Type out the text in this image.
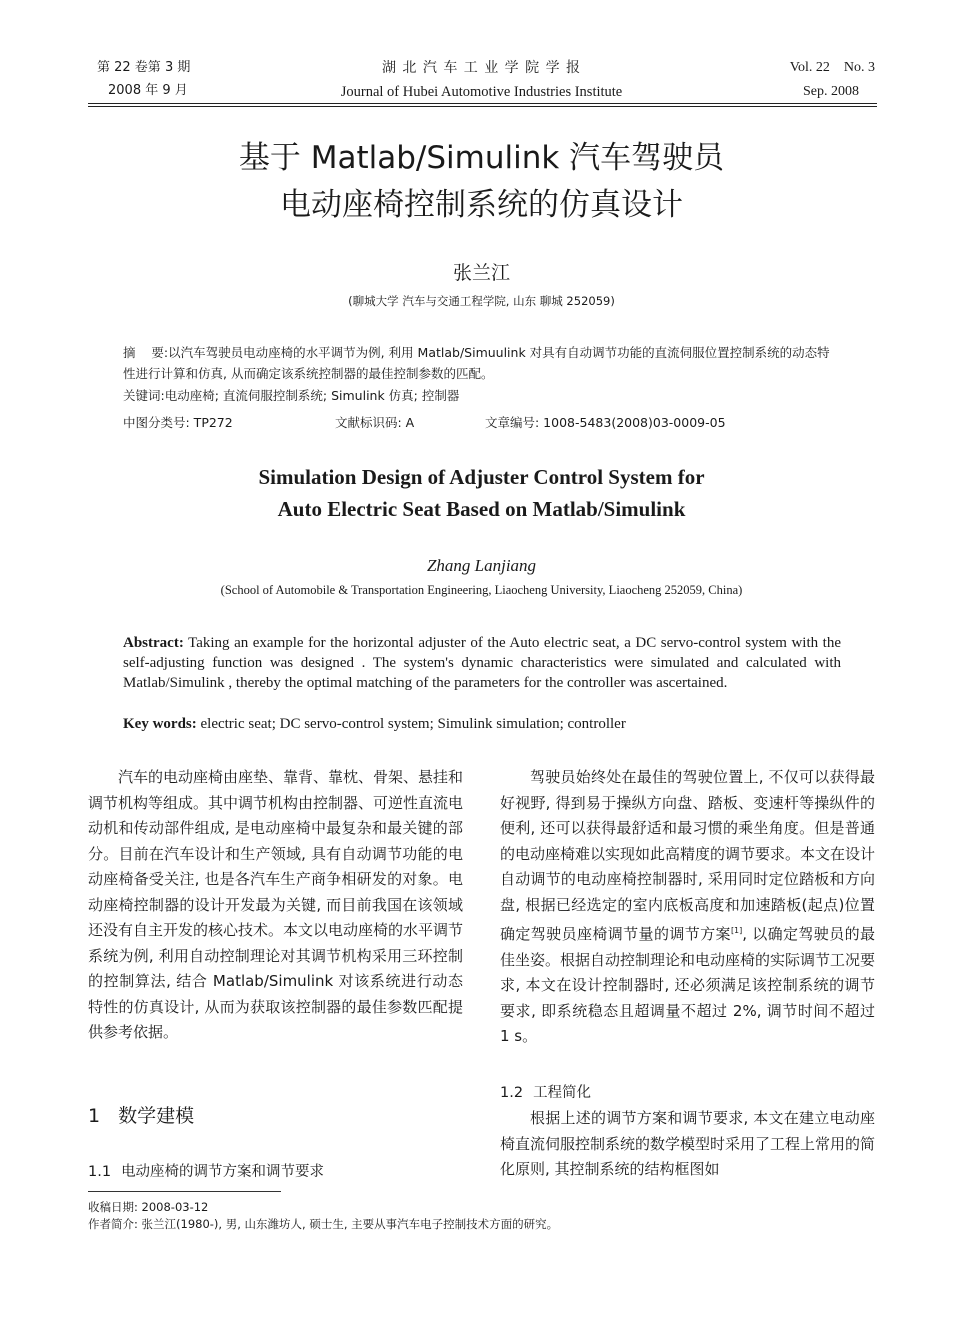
第 22 卷第 3 期
2008 年 9 月
湖 北 汽 车 工 业 学 院 学 报
Journal of Hubei Automotive Industries Institute
Vol. 22    No. 3
Sep. 2008
基于 Matlab/Simulink 汽车驾驶员
电动座椅控制系统的仿真设计
张兰江
(聊城大学 汽车与交通工程学院, 山东 聊城 252059)
摘    要:以汽车驾驶员电动座椅的水平调节为例, 利用 Matlab/Simuulink 对具有自动调节功能的直流伺服位置控制系统的动态特性进行计算和仿真, 从而确定该系统控制器的最佳控制参数的匹配。
关键词:电动座椅; 直流伺服控制系统; Simulink 仿真; 控制器
中图分类号: TP272	文献标识码: A	文章编号: 1008-5483(2008)03-0009-05
Simulation Design of Adjuster Control System for
Auto Electric Seat Based on Matlab/Simulink
Zhang Lanjiang
(School of Automobile & Transportation Engineering, Liaocheng University, Liaocheng 252059, China)
Abstract: Taking an example for the horizontal adjuster of the Auto electric seat, a DC servo-control system with the self-adjusting function was designed . The system's dynamic characteristics were simulated and calculated with Matlab/Simulink , thereby the optimal matching of the parameters for the controller was ascertained.
Key words: electric seat; DC servo-control system; Simulink simulation; controller

汽车的电动座椅由座垫、靠背、靠枕、骨架、悬挂和调节机构等组成。其中调节机构由控制器、可逆性直流电动机和传动部件组成, 是电动座椅中最复杂和最关键的部分。目前在汽车设计和生产领域, 具有自动调节功能的电动座椅备受关注, 也是各汽车生产商争相研发的对象。电动座椅控制器的设计开发最为关键, 而目前我国在该领域还没有自主开发的核心技术。本文以电动座椅的水平调节系统为例, 利用自动控制理论对其调节机构采用三环控制的控制算法, 结合 Matlab/Simulink 对该系统进行动态特性的仿真设计, 从而为获取该控制器的最佳参数匹配提供参考依据。

1 数学建模
1.1 电动座椅的调节方案和调节要求

驾驶员始终处在最佳的驾驶位置上, 不仅可以获得最好视野, 得到易于操纵方向盘、踏板、变速杆等操纵件的便利, 还可以获得最舒适和最习惯的乘坐角度。但是普通的电动座椅难以实现如此高精度的调节要求。本文在设计自动调节的电动座椅控制器时, 采用同时定位踏板和方向盘, 根据已经选定的室内底板高度和加速踏板(起点)位置确定驾驶员座椅调节量的调节方案[1], 以确定驾驶员的最佳坐姿。根据自动控制理论和电动座椅的实际调节工况要求, 本文在设计控制器时, 还必须满足该控制系统的调节要求, 即系统稳态且超调量不超过 2%, 调节时间不超过 1 s。

1.2 工程简化

根据上述的调节方案和调节要求, 本文在建立电动座椅直流伺服控制系统的数学模型时采用了工程上常用的简化原则, 其控制系统的结构框图如

收稿日期: 2008-03-12
作者简介: 张兰江(1980-), 男, 山东潍坊人, 硕士生, 主要从事汽车电子控制技术方面的研究。
